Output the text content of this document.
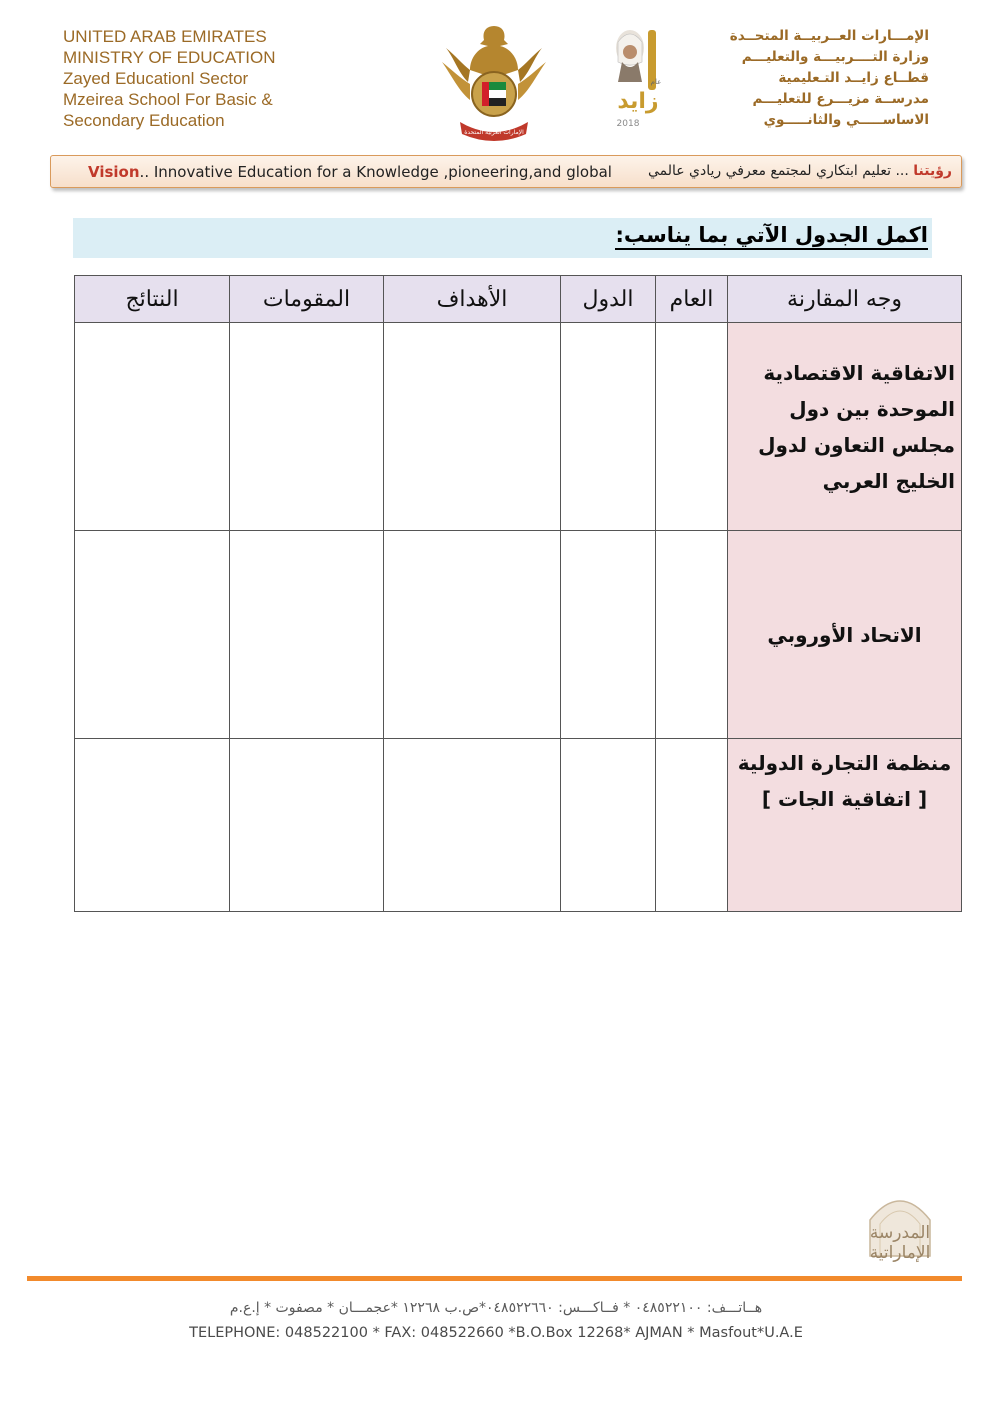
UNITED ARAB EMIRATES
MINISTRY OF EDUCATION
Zayed Educationl Sector
Mzeirea School For Basic &
Secondary Education
الإمارات العربية المتحدة
زايد
عام
2018
الإمـــارات العــربيــة المتحــدة
وزارة التــــربيـــة والتعليـــم
قطــاع زايــد التـعليمية
مدرســة مزيـــرع للتعليـــم
الاساســـــي والثانـــــوي
Vision.. Innovative Education for a Knowledge ,pioneering,and global	رؤيتنا ... تعليم ابتكاري لمجتمع معرفي ريادي عالمي
اكمل الجدول الآتي بما يناسب:
وجه المقارنة	العام	الدول	الأهداف	المقومات	النتائج
الاتفاقية الاقتصادية الموحدة بين دول مجلس التعاون لدول الخليج العربي					
الاتحاد الأوروبي					
منظمة التجارة الدولية [ اتفاقية الجات ]					
المدرسة
الإماراتية
هــاتـــف: ٠٤٨٥٢٢١٠٠ * فــاكـــس: ٠٤٨٥٢٢٦٦٠*ص.ب ١٢٢٦٨ *عجمـــان * مصفوت * إ.ع.م
TELEPHONE: 048522100 * FAX: 048522660 *B.O.Box 12268* AJMAN * Masfout*U.A.E
